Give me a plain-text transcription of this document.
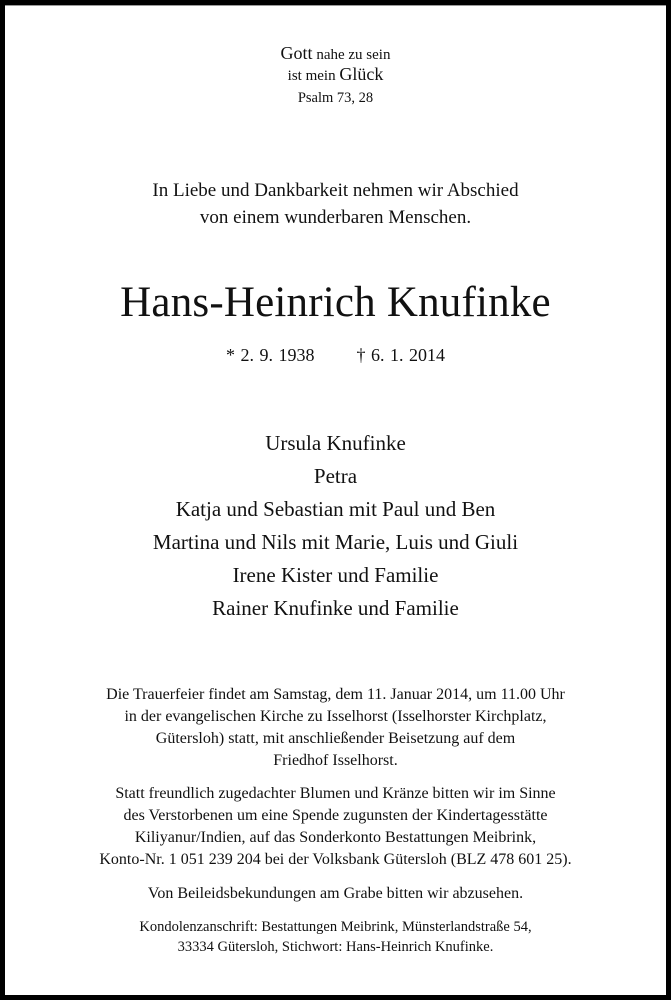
Gott nahe zu sein
ist mein Glück
Psalm 73, 28
In Liebe und Dankbarkeit nehmen wir Abschied
von einem wunderbaren Menschen.
Hans-Heinrich Knufinke
* 2. 9. 1938 † 6. 1. 2014
Ursula Knufinke
Petra
Katja und Sebastian mit Paul und Ben
Martina und Nils mit Marie, Luis und Giuli
Irene Kister und Familie
Rainer Knufinke und Familie
Die Trauerfeier findet am Samstag, dem 11. Januar 2014, um 11.00 Uhr
in der evangelischen Kirche zu Isselhorst (Isselhorster Kirchplatz,
Gütersloh) statt, mit anschließender Beisetzung auf dem
Friedhof Isselhorst.
Statt freundlich zugedachter Blumen und Kränze bitten wir im Sinne
des Verstorbenen um eine Spende zugunsten der Kindertagesstätte
Kiliyanur/Indien, auf das Sonderkonto Bestattungen Meibrink,
Konto-Nr. 1 051 239 204 bei der Volksbank Gütersloh (BLZ 478 601 25).
Von Beileidsbekundungen am Grabe bitten wir abzusehen.
Kondolenzanschrift: Bestattungen Meibrink, Münsterlandstraße 54,
33334 Gütersloh, Stichwort: Hans-Heinrich Knufinke.
